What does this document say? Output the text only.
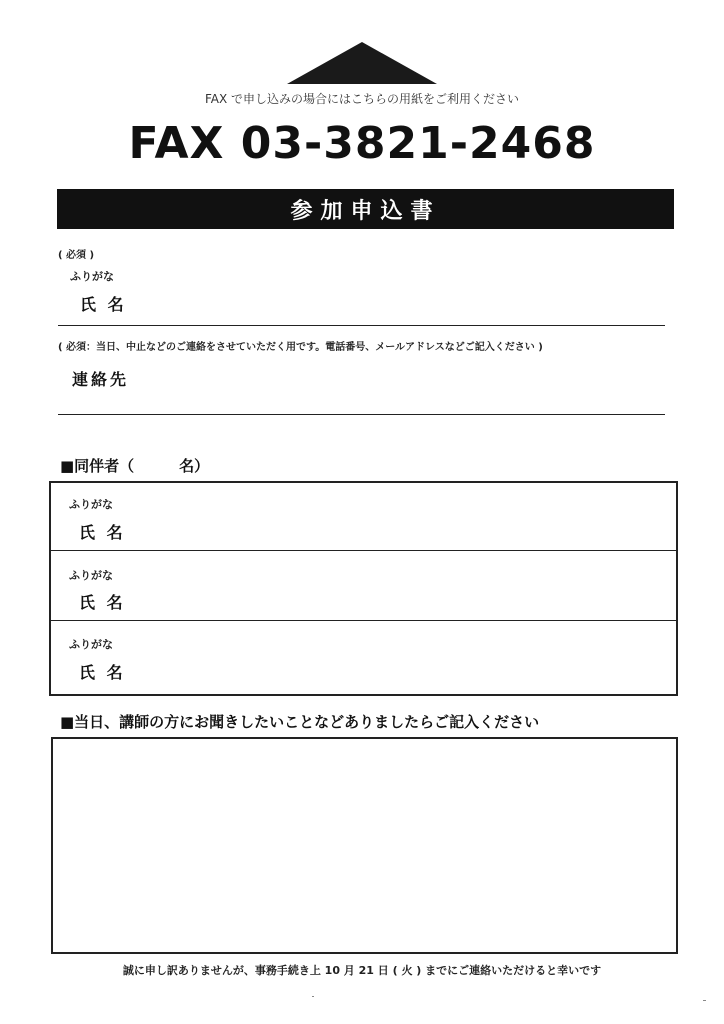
FAX で申し込みの場合にはこちらの用紙をご利用ください
FAX 03-3821-2468
参加申込書
( 必須 )
ふりがな
氏 名
( 必須：当日、中止などのご連絡をさせていただく用です。電話番号、メールアドレスなどご記入ください )
連絡先
■同伴者（　　　名）
ふりがな
氏 名
ふりがな
氏 名
ふりがな
氏 名
■当日、講師の方にお聞きしたいことなどありましたらご記入ください
誠に申し訳ありませんが、事務手続き上 10 月 21 日 ( 火 ) までにご連絡いただけると幸いです
